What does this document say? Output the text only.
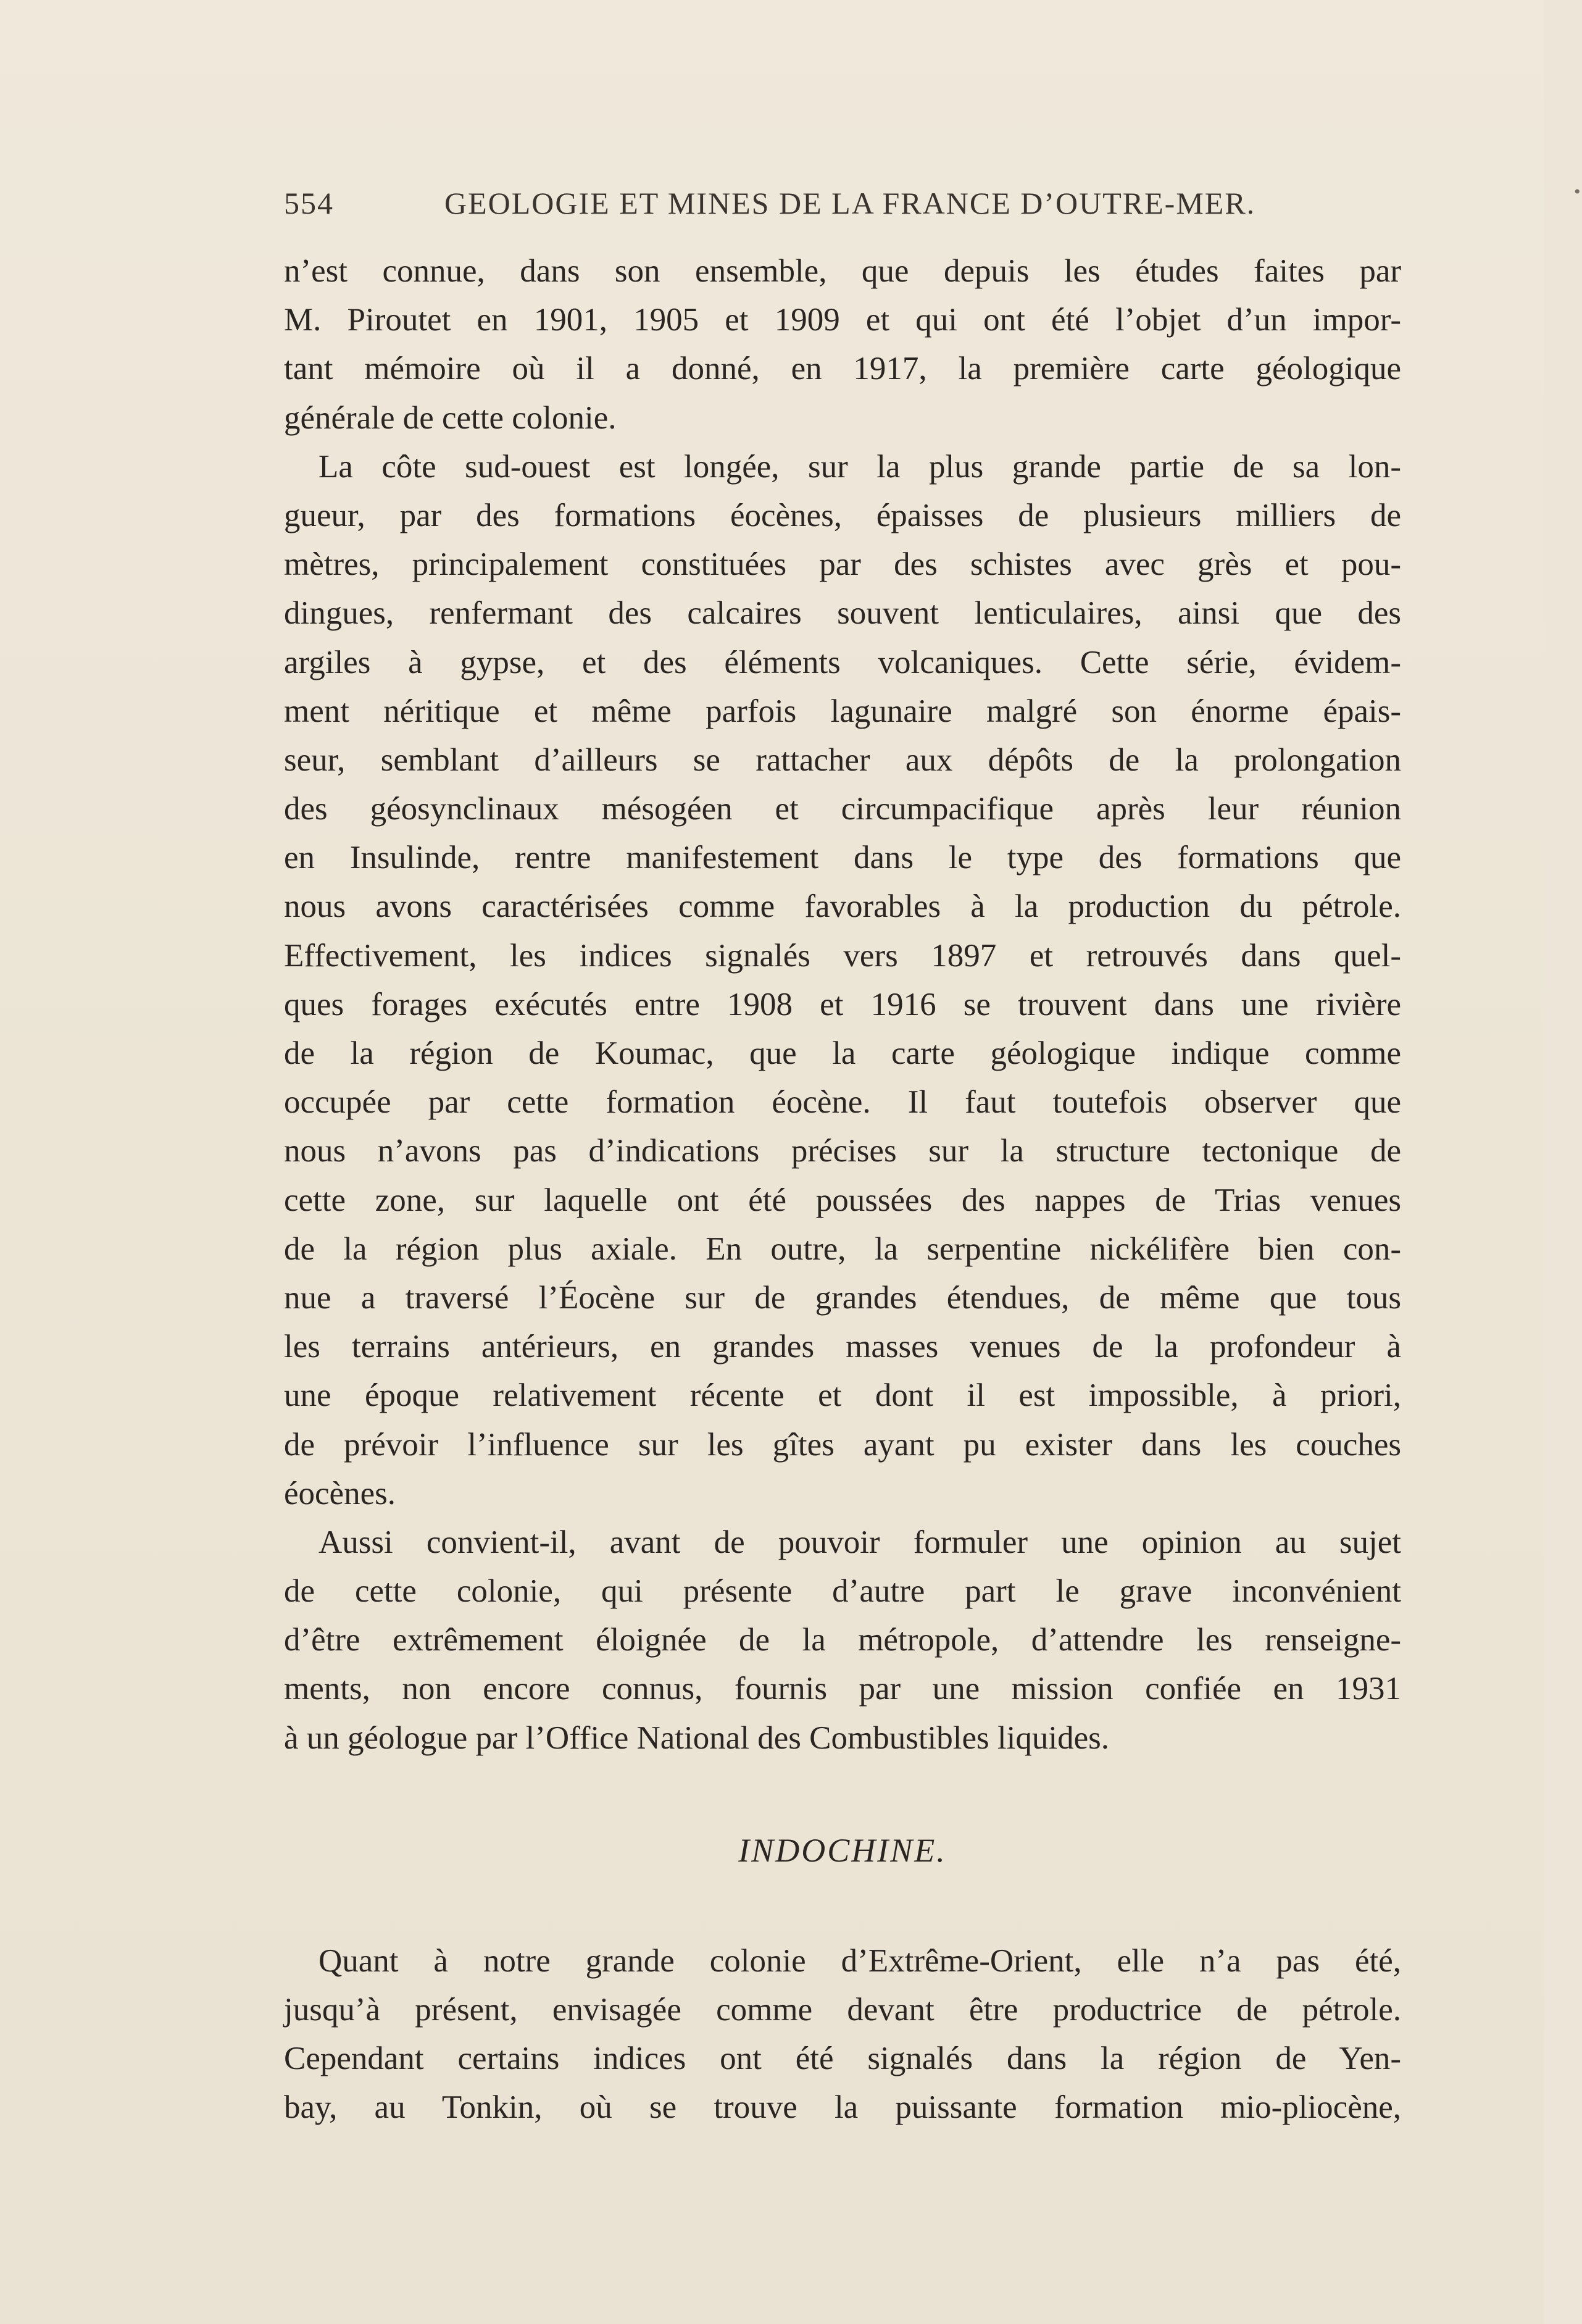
554	GEOLOGIE ET MINES DE LA FRANCE D’OUTRE-MER.	•
n’est connue, dans son ensemble, que depuis les études faites par
M. Piroutet en 1901, 1905 et 1909 et qui ont été l’objet d’un impor-
tant mémoire où il a donné, en 1917, la première carte géologique
générale de cette colonie.
La côte sud-ouest est longée, sur la plus grande partie de sa lon-
gueur, par des formations éocènes, épaisses de plusieurs milliers de
mètres, principalement constituées par des schistes avec grès et pou-
dingues, renfermant des calcaires souvent lenticulaires, ainsi que des
argiles à gypse, et des éléments volcaniques. Cette série, évidem-
ment néritique et même parfois lagunaire malgré son énorme épais-
seur, semblant d’ailleurs se rattacher aux dépôts de la prolongation
des géosynclinaux mésogéen et circumpacifique après leur réunion
en Insulinde, rentre manifestement dans le type des formations que
nous avons caractérisées comme favorables à la production du pétrole.
Effectivement, les indices signalés vers 1897 et retrouvés dans quel-
ques forages exécutés entre 1908 et 1916 se trouvent dans une rivière
de la région de Koumac, que la carte géologique indique comme
occupée par cette formation éocène. Il faut toutefois observer que
nous n’avons pas d’indications précises sur la structure tectonique de
cette zone, sur laquelle ont été poussées des nappes de Trias venues
de la région plus axiale. En outre, la serpentine nickélifère bien con-
nue a traversé l’Éocène sur de grandes étendues, de même que tous
les terrains antérieurs, en grandes masses venues de la profondeur à
une époque relativement récente et dont il est impossible, à priori,
de prévoir l’influence sur les gîtes ayant pu exister dans les couches
éocènes.
Aussi convient-il, avant de pouvoir formuler une opinion au sujet
de cette colonie, qui présente d’autre part le grave inconvénient
d’être extrêmement éloignée de la métropole, d’attendre les renseigne-
ments, non encore connus, fournis par une mission confiée en 1931
à un géologue par l’Office National des Combustibles liquides.
INDOCHINE.
Quant à notre grande colonie d’Extrême-Orient, elle n’a pas été,
jusqu’à présent, envisagée comme devant être productrice de pétrole.
Cependant certains indices ont été signalés dans la région de Yen-
bay, au Tonkin, où se trouve la puissante formation mio-pliocène,
